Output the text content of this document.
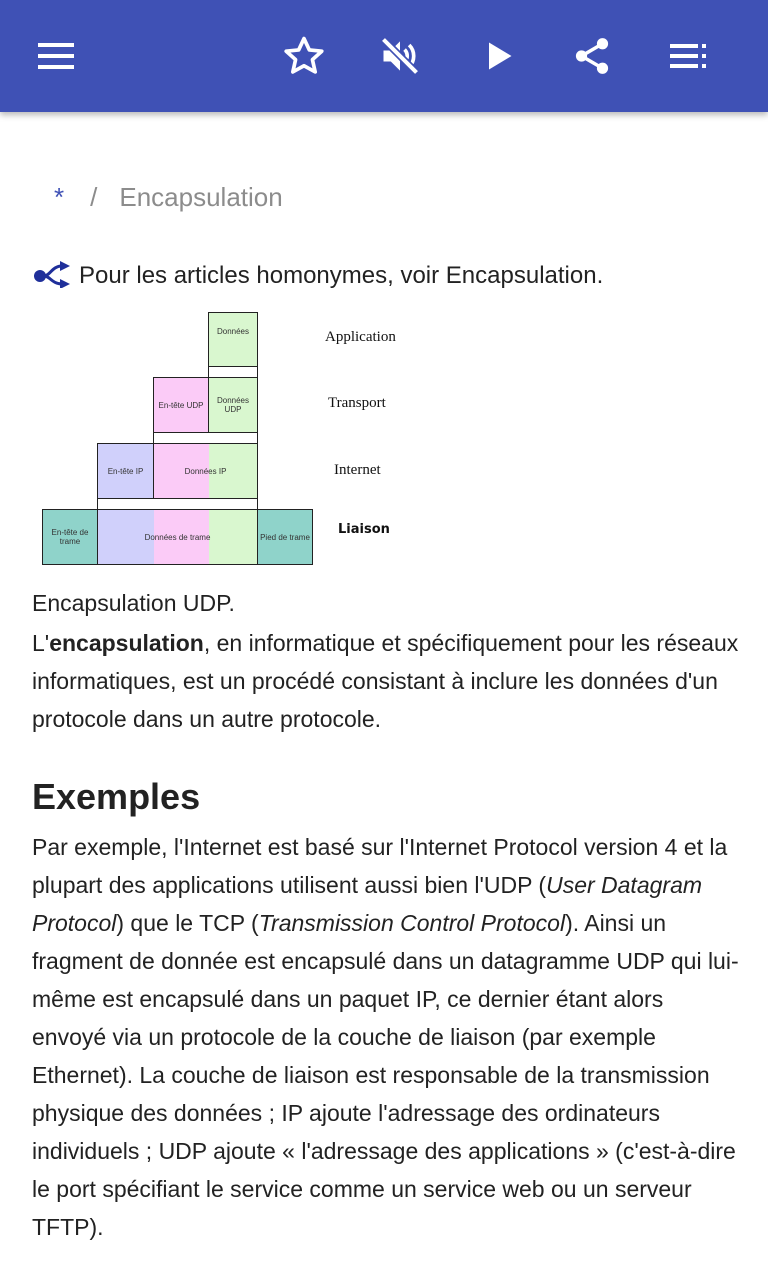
* / Encapsulation
Pour les articles homonymes, voir Encapsulation.
Données
En-tête UDP	Données UDP
En-tête IP	Données IP
En-tête de trame	Données de trame	Pied de trame
Application
Transport
Internet
Liaison
Encapsulation UDP.
L'encapsulation, en informatique et spécifiquement pour les réseaux informatiques, est un procédé consistant à inclure les données d'un protocole dans un autre protocole.
Exemples
Par exemple, l'Internet est basé sur l'Internet Protocol version 4 et la plupart des applications utilisent aussi bien l'UDP (User Datagram Protocol) que le TCP (Transmission Control Protocol). Ainsi un fragment de donnée est encapsulé dans un datagramme UDP qui lui-même est encapsulé dans un paquet IP, ce dernier étant alors envoyé via un protocole de la couche de liaison (par exemple Ethernet). La couche de liaison est responsable de la transmission physique des données ; IP ajoute l'adressage des ordinateurs individuels ; UDP ajoute « l'adressage des applications » (c'est-à-dire le port spécifiant le service comme un service web ou un serveur TFTP).
